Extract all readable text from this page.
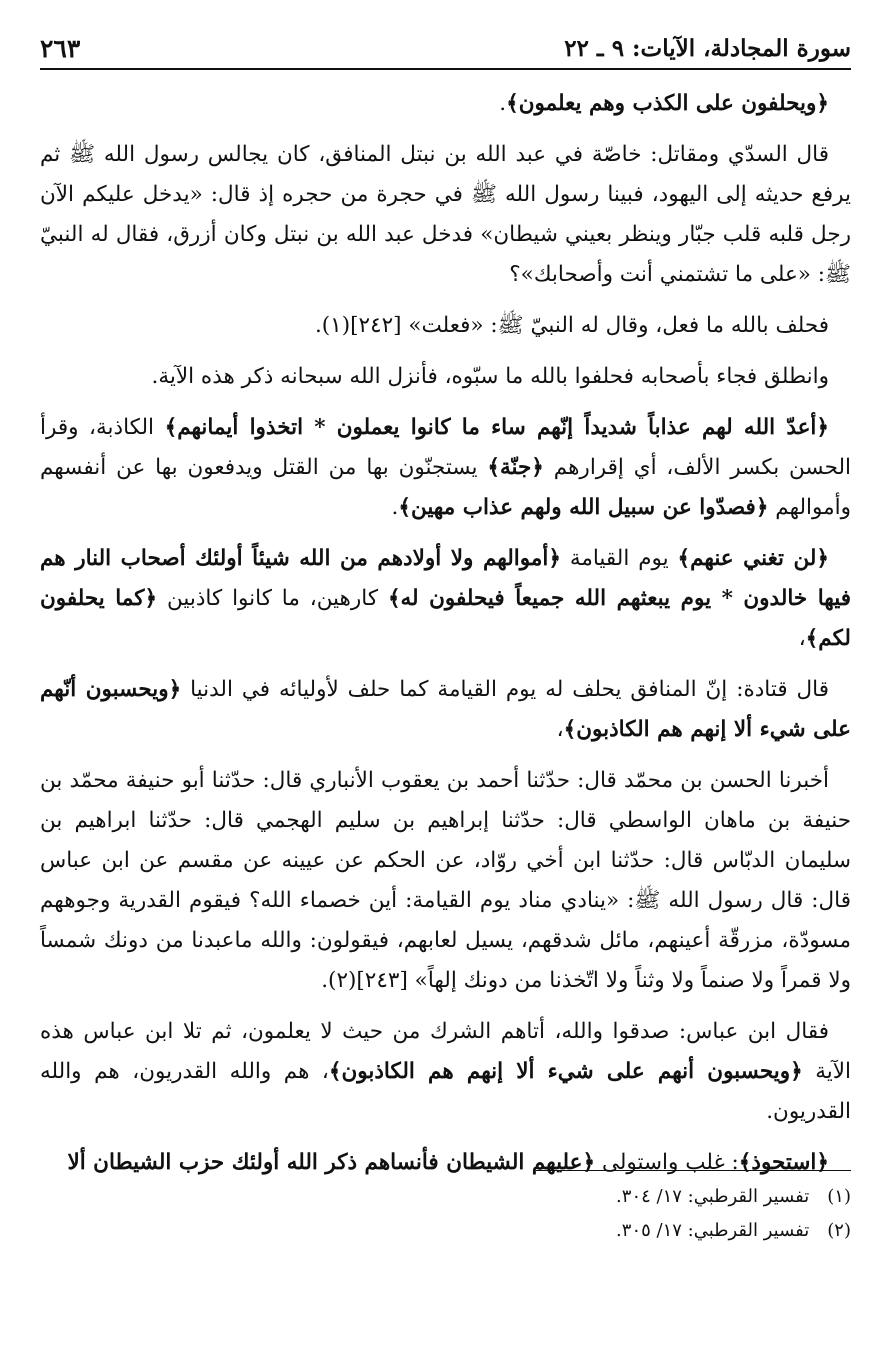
سورة المجادلة، الآيات: ٩ ـ ٢٢
٢٦٣

﴿ويحلفون على الكذب وهم يعلمون﴾.

قال السدّي ومقاتل: خاصّة في عبد الله بن نبتل المنافق، كان يجالس رسول الله ﷺ ثم يرفع حديثه إلى اليهود، فبينا رسول الله ﷺ في حجرة من حجره إذ قال: «يدخل عليكم الآن رجل قلبه قلب جبّار وينظر بعيني شيطان» فدخل عبد الله بن نبتل وكان أزرق، فقال له النبيّ ﷺ: «على ما تشتمني أنت وأصحابك»؟

فحلف بالله ما فعل، وقال له النبيّ ﷺ: «فعلت» [٢٤٢](١).

وانطلق فجاء بأصحابه فحلفوا بالله ما سبّوه، فأنزل الله سبحانه ذكر هذه الآية.

﴿أعدّ الله لهم عذاباً شديداً إنّهم ساء ما كانوا يعملون * اتخذوا أيمانهم﴾ الكاذبة، وقرأ الحسن بكسر الألف، أي إقرارهم ﴿جنّة﴾ يستجنّون بها من القتل ويدفعون بها عن أنفسهم وأموالهم ﴿فصدّوا عن سبيل الله ولهم عذاب مهين﴾.

﴿لن تغني عنهم﴾ يوم القيامة ﴿أموالهم ولا أولادهم من الله شيئاً أولئك أصحاب النار هم فيها خالدون * يوم يبعثهم الله جميعاً فيحلفون له﴾ كارهين، ما كانوا كاذبين ﴿كما يحلفون لكم﴾،

قال قتادة: إنّ المنافق يحلف له يوم القيامة كما حلف لأوليائه في الدنيا ﴿ويحسبون أنّهم على شيء ألا إنهم هم الكاذبون﴾،

أخبرنا الحسن بن محمّد قال: حدّثنا أحمد بن يعقوب الأنباري قال: حدّثنا أبو حنيفة محمّد بن حنيفة بن ماهان الواسطي قال: حدّثنا إبراهيم بن سليم الهجمي قال: حدّثنا ابراهيم بن سليمان الدبّاس قال: حدّثنا ابن أخي روّاد، عن الحكم عن عيينه عن مقسم عن ابن عباس قال: قال رسول الله ﷺ: «ينادي مناد يوم القيامة: أين خصماء الله؟ فيقوم القدرية وجوههم مسودّة، مزرقّة أعينهم، مائل شدقهم، يسيل لعابهم، فيقولون: والله ماعبدنا من دونك شمساً ولا قمراً ولا صنماً ولا وثناً ولا اتّخذنا من دونك إلهاً» [٢٤٣](٢).

فقال ابن عباس: صدقوا والله، أتاهم الشرك من حيث لا يعلمون، ثم تلا ابن عباس هذه الآية ﴿ويحسبون أنهم على شيء ألا إنهم هم الكاذبون﴾، هم والله القدريون، هم والله القدريون.

﴿استحوذ﴾: غلب واستولى ﴿عليهم الشيطان فأنساهم ذكر الله أولئك حزب الشيطان ألا

(١)
تفسير القرطبي: ١٧/ ٣٠٤.
(٢)
تفسير القرطبي: ١٧/ ٣٠٥.
